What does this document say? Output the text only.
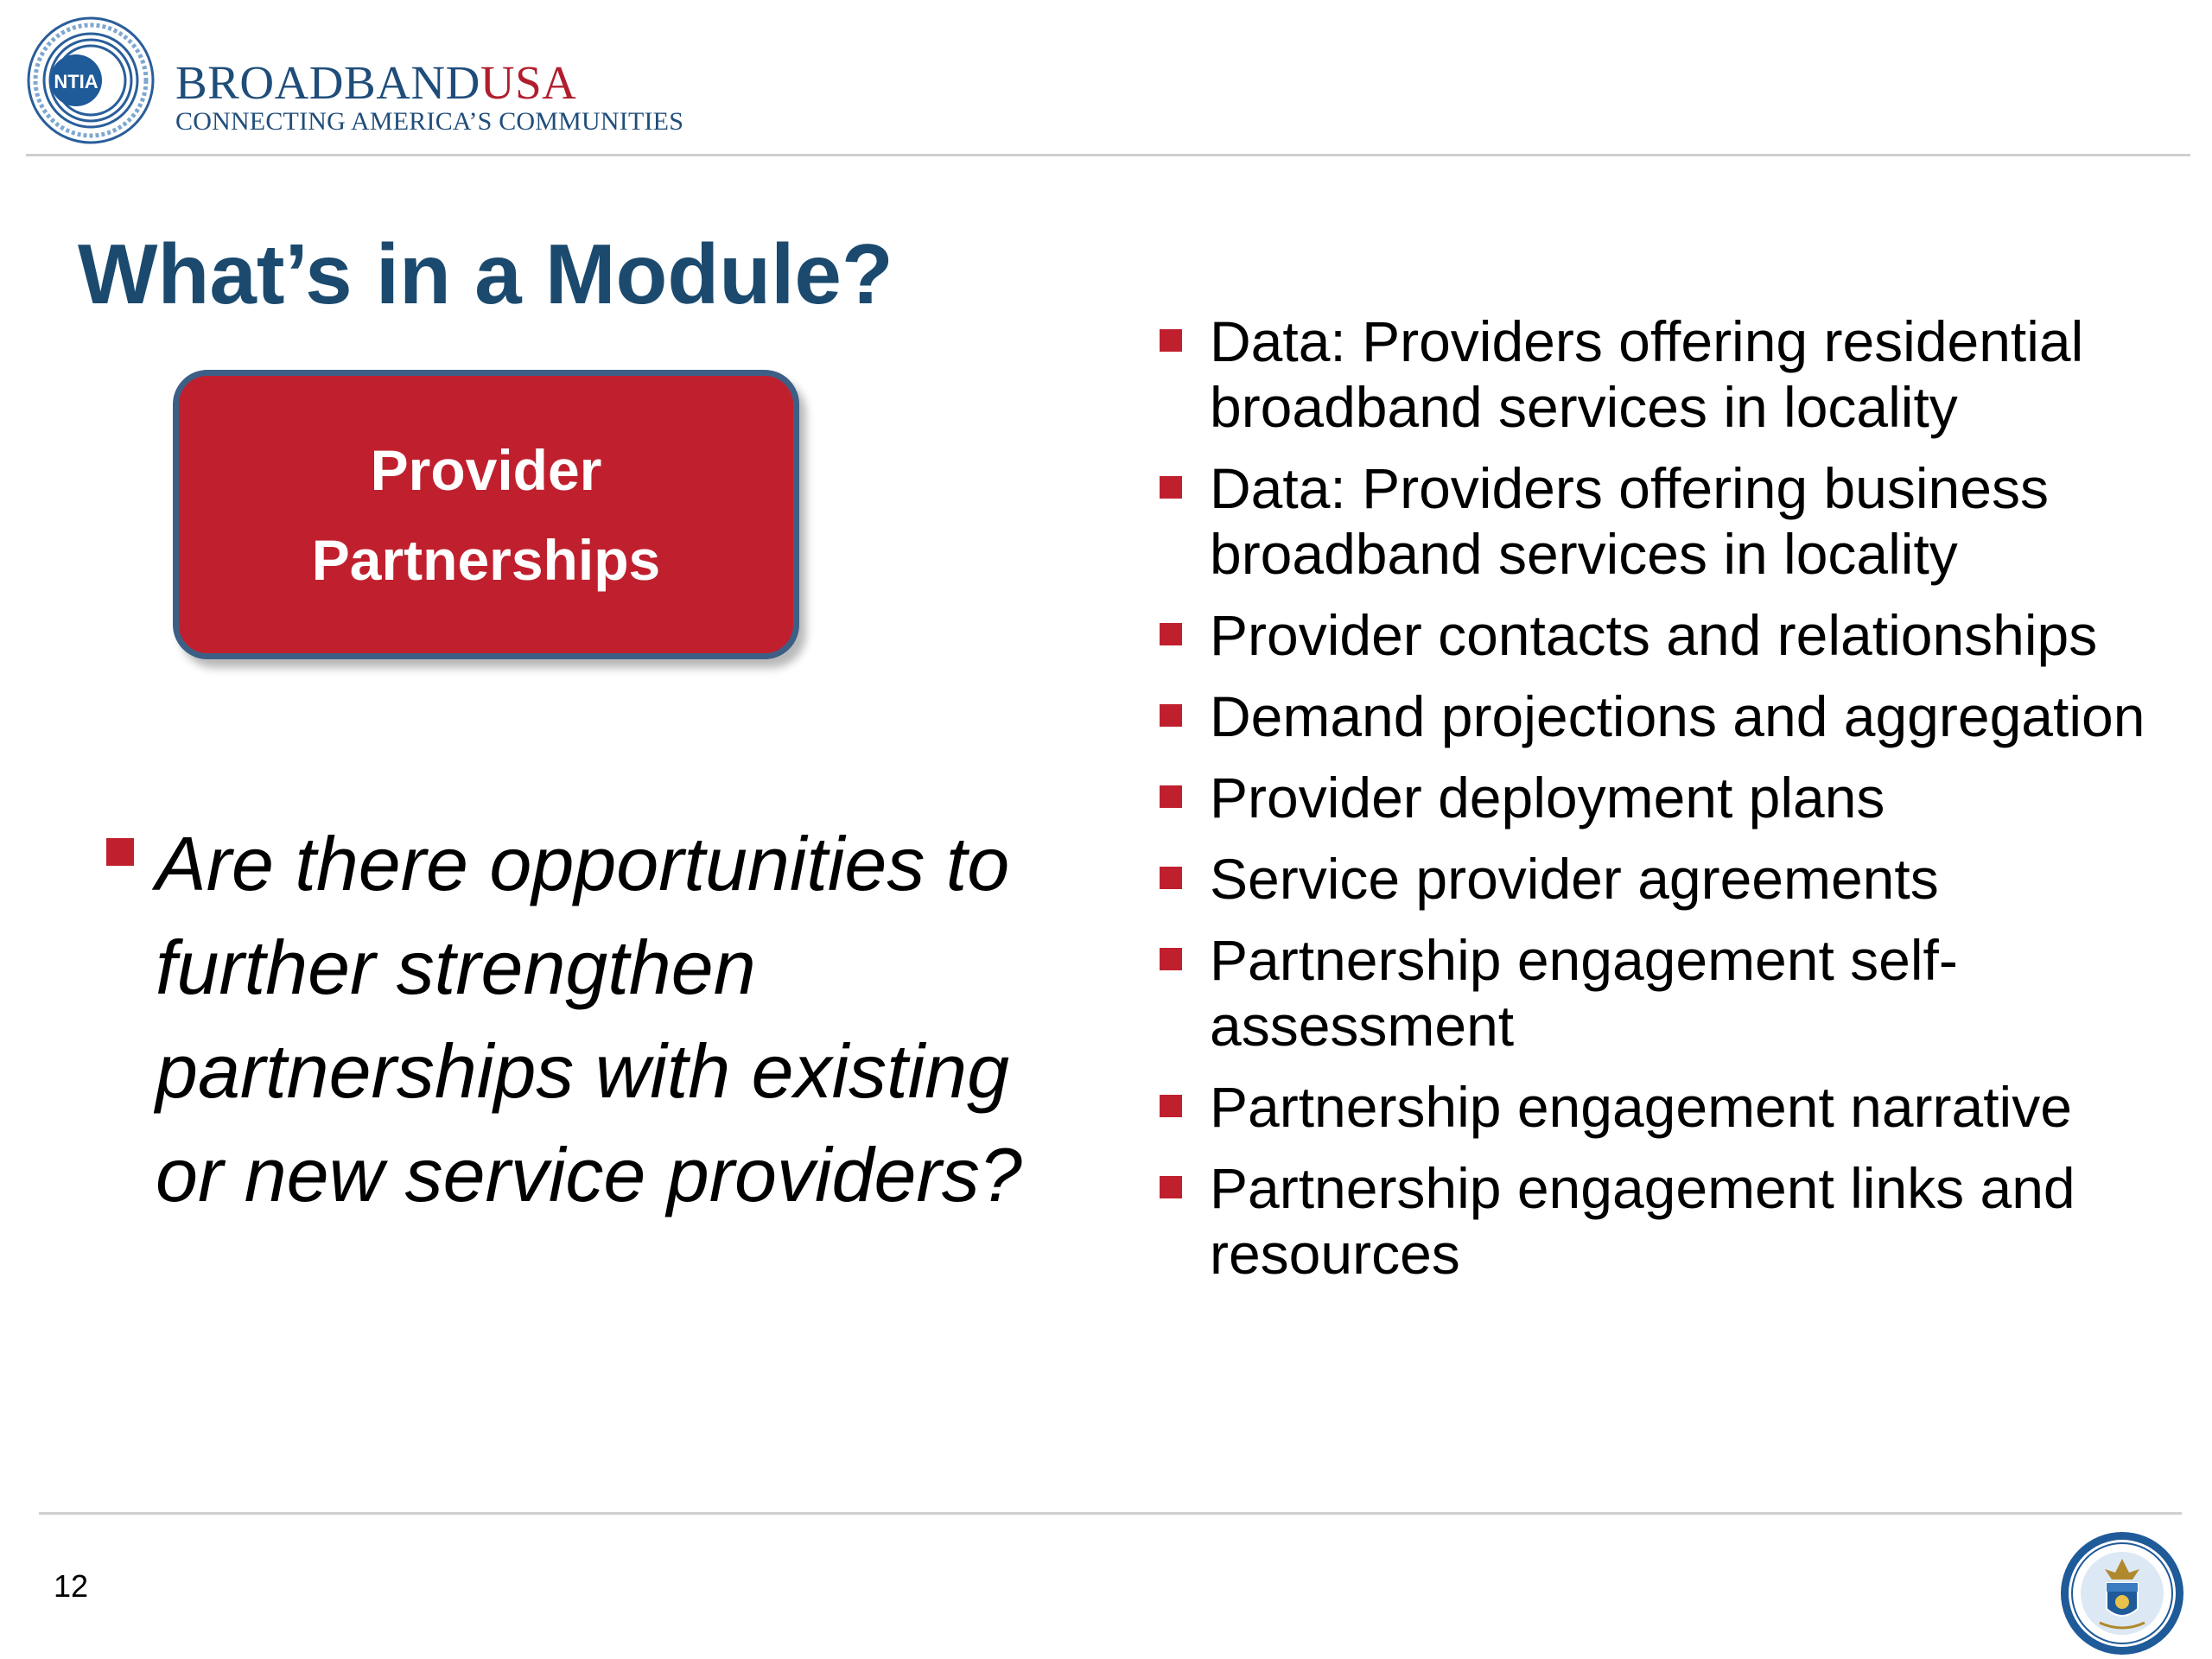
NTIA BROADBANDUSA
CONNECTING AMERICA’S COMMUNITIES
What’s in a Module?
Provider
Partnerships
Are there opportunities to further strengthen partnerships with existing or new service providers?
Data: Providers offering residential broadband services in locality
Data: Providers offering business broadband services in locality
Provider contacts and relationships
Demand projections and aggregation
Provider deployment plans
Service provider agreements
Partnership engagement self-assessment
Partnership engagement narrative
Partnership engagement links and resources
12
